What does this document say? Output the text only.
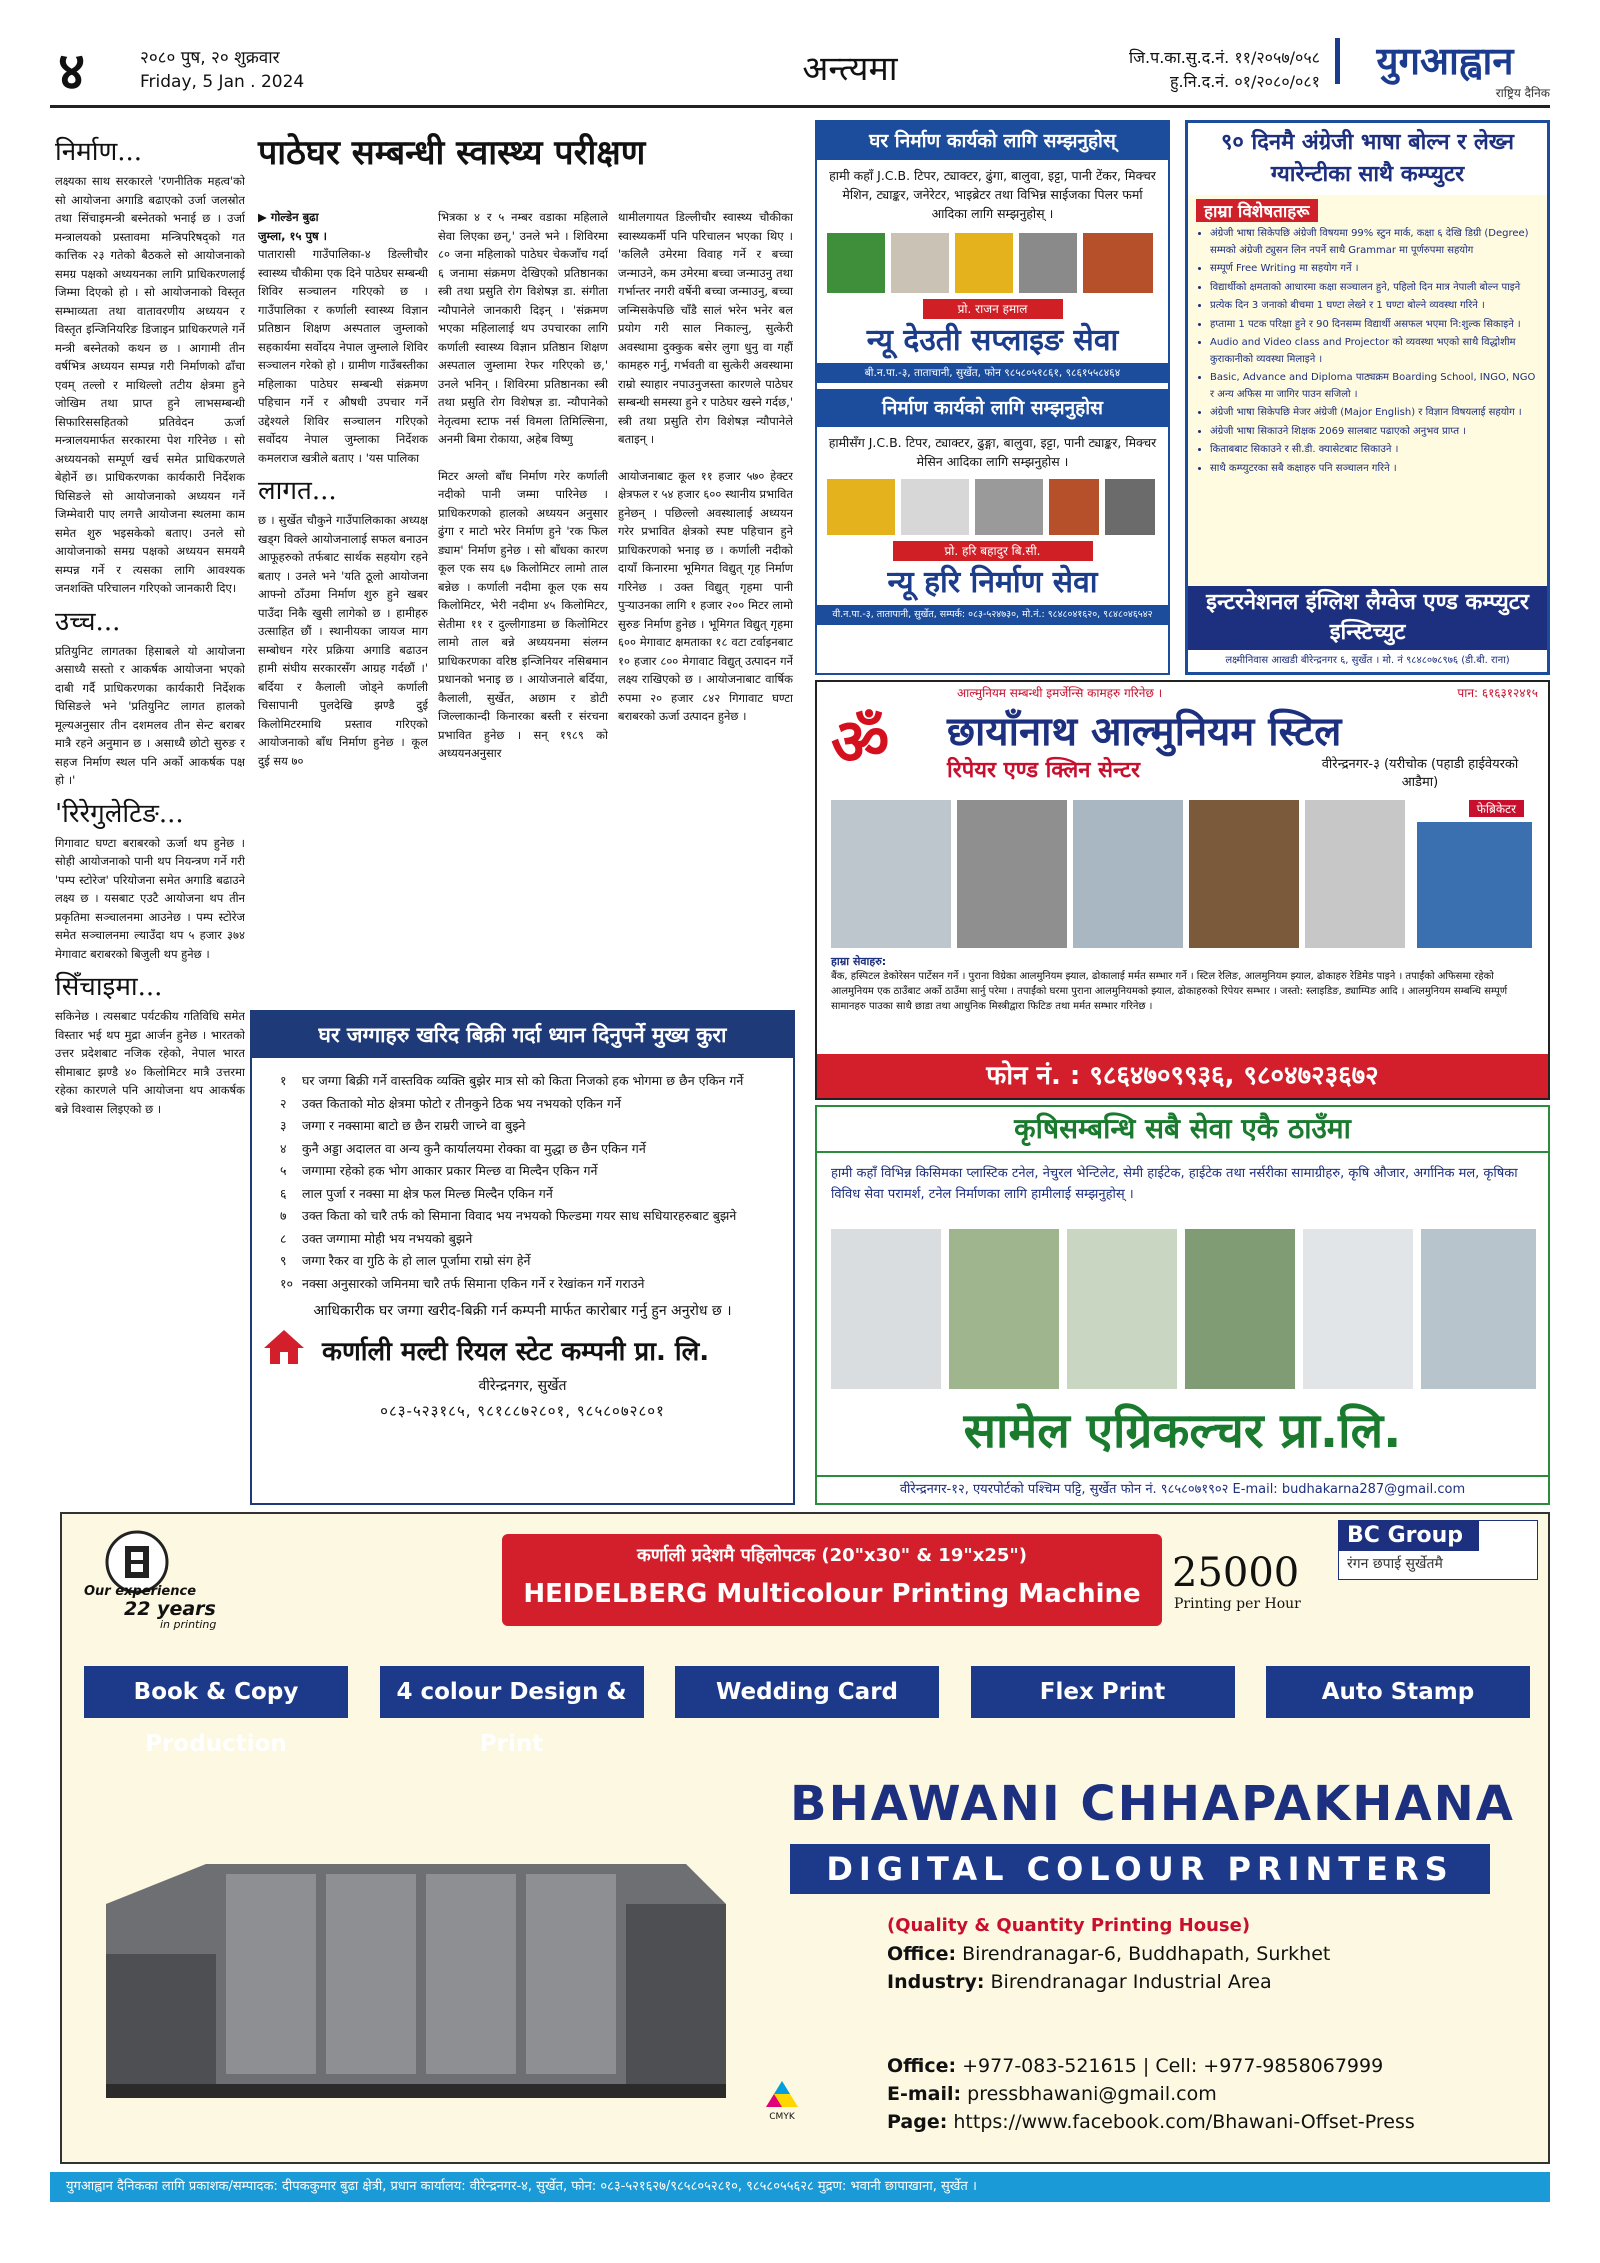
४	२०८० पुष, २० शुक्रवार
Friday, 5 Jan . 2024	अन्त्यमा	जि.प.का.सु.द.नं. ११/२०५७/०५८
हु.नि.द.नं. ०१/२०८०/०८१	युगआह्वान
राष्ट्रिय दैनिक
निर्माण...

लक्ष्यका साथ सरकारले 'रणनीतिक महत्व'को सो आयोजना अगाडि बढाएको उर्जा जलस्रोत तथा सिंचाइमन्त्री बस्नेतको भनाई छ । उर्जा मन्त्रालयको प्रस्तावमा मन्त्रिपरिषद्को गत कात्तिक २३ गतेको बैठकले सो आयोजनाको समग्र पक्षको अध्ययनका लागि प्राधिकरणलाई जिम्मा दिएको हो । सो आयोजनाको विस्तृत सम्भाव्यता तथा वातावरणीय अध्ययन र विस्तृत इन्जिनियरिङ डिजाइन प्राधिकरणले गर्ने मन्त्री बस्नेतको कथन छ । आगामी तीन वर्षभित्र अध्ययन सम्पन्न गरी निर्माणको ढाँचा एवम् तल्लो र माथिल्लो तटीय क्षेत्रमा हुने जोखिम तथा प्राप्त हुने लाभसम्बन्धी सिफारिससहितको प्रतिवेदन ऊर्जा मन्त्रालयमार्फत सरकारमा पेश गरिनेछ । सो अध्ययनको सम्पूर्ण खर्च समेत प्राधिकरणले बेहोर्ने छ। प्राधिकरणका कार्यकारी निर्देशक घिसिङले सो आयोजनाको अध्ययन गर्ने जिम्मेवारी पाए लगत्तै आयोजना स्थलमा काम समेत शुरु भइसकेको बताए। उनले सो आयोजनाको समग्र पक्षको अध्ययन समयमै सम्पन्न गर्ने र त्यसका लागि आवश्यक जनशक्ति परिचालन गरिएको जानकारी दिए।

उच्च...

प्रतियुनिट लागतका हिसाबले यो आयोजना असाध्यै सस्तो र आकर्षक आयोजना भएको दाबी गर्दै प्राधिकरणका कार्यकारी निर्देशक घिसिङले भने 'प्रतियुनिट लागत हालको मूल्यअनुसार तीन दशमलव तीन सेन्ट बराबर मात्रै रहने अनुमान छ । असाध्यै छोटो सुरुङ र सहज निर्माण स्थल पनि अर्को आकर्षक पक्ष हो ।'

'रिरेगुलेटिङ...

गिगावाट घण्टा बराबरको ऊर्जा थप हुनेछ । सोही आयोजनाको पानी थप नियन्त्रण गर्ने गरी 'पम्प स्टोरेज' परियोजना समेत अगाडि बढाउने लक्ष्य छ । यसबाट एउटै आयोजना थप तीन प्रकृतिमा सञ्चालनमा आउनेछ । पम्प स्टोरेज समेत सञ्चालनमा ल्याउँदा थप ५ हजार ३७४ मेगावाट बराबरको बिजुली थप हुनेछ ।

सिँचाइमा...

सकिनेछ । त्यसबाट पर्यटकीय गतिविधि समेत विस्तार भई थप मुद्रा आर्जन हुनेछ । भारतको उत्तर प्रदेशबाट नजिक रहेको, नेपाल भारत सीमाबाट झण्डै ४० किलोमिटर मात्रै उत्तरमा रहेका कारणले पनि आयोजना थप आकर्षक बन्ने विश्वास लिइएको छ ।

पाठेघर सम्बन्धी स्वास्थ्य परीक्षण
▶ गोल्डेन बुढा
जुम्ला, १५ पुष ।

पातारासी गाउँपालिका-४ डिल्लीचौर स्वास्थ्य चौकीमा एक दिने पाठेघर सम्बन्धी शिविर सञ्चालन गरिएको छ । गाउँपालिका र कर्णाली स्वास्थ्य विज्ञान प्रतिष्ठान शिक्षण अस्पताल जुम्लाको सहकार्यमा सर्वोदय नेपाल जुम्लाले शिविर सञ्चालन गरेको हो । ग्रामीण गाउँबस्तीका महिलाका पाठेघर सम्बन्धी संक्रमण पहिचान गर्ने र औषधी उपचार गर्ने उद्देश्यले शिविर सञ्चालन गरिएको सर्वोदय नेपाल जुम्लाका निर्देशक कमलराज खत्रीले बताए । 'यस पालिका

लागत...

छ । सुर्खेत चौकुने गाउँपालिकाका अध्यक्ष खड्ग विक्ले आयोजनालाई सफल बनाउन आफूहरुको तर्फबाट सार्थक सहयोग रहने बताए । उनले भने 'यति ठूलो आयोजना आफ्नो ठाँउमा निर्माण शुरु हुने खबर पाउँदा निकै खुसी लागेको छ । हामीहरु उत्साहित छौं । स्थानीयका जायज माग सम्बोधन गरेर प्रक्रिया अगाडि बढाउन हामी संघीय सरकारसँग आग्रह गर्दछौं ।' बर्दिया र कैलाली जोड्ने कर्णाली चिसापानी पुलदेखि झण्डै दुई किलोमिटरमाथि प्रस्ताव गरिएको आयोजनाको बाँध निर्माण हुनेछ । कूल दुई सय ७०

भित्रका ४ र ५ नम्बर वडाका महिलाले सेवा लिएका छन्,' उनले भने । शिविरमा ८० जना महिलाको पाठेघर चेकजाँच गर्दा ६ जनामा संक्रमण देखिएको प्रतिष्ठानका स्त्री तथा प्रसुति रोग विशेषज्ञ डा. संगीता न्यौपानेले जानकारी दिइन् । 'संक्रमण भएका महिलालाई थप उपचारका लागि कर्णाली स्वास्थ्य विज्ञान प्रतिष्ठान शिक्षण अस्पताल जुम्लामा रेफर गरिएको छ,' उनले भनिन् । शिविरमा प्रतिष्ठानका स्त्री तथा प्रसुति रोग विशेषज्ञ डा. न्यौपानेको नेतृत्वमा स्टाफ नर्स विमला तिमिल्सिना, अनमी बिमा रोकाया, अहेब विष्णु

मिटर अग्लो बाँध निर्माण गरेर कर्णाली नदीको पानी जम्मा पारिनेछ । प्राधिकरणको हालको अध्ययन अनुसार ढुंगा र माटो भरेर निर्माण हुने 'रक फिल ड्याम' निर्माण हुनेछ । सो बाँधका कारण कूल एक सय ६७ किलोमिटर लामो ताल बन्नेछ । कर्णाली नदीमा कूल एक सय किलोमिटर, भेरी नदीमा ४५ किलोमिटर, सेतीमा ११ र दुल्लीगाडमा छ किलोमिटर लामो ताल बन्ने अध्ययनमा संलग्न प्राधिकरणका वरिष्ठ इन्जिनियर नसिबमान प्रधानको भनाइ छ । आयोजनाले बर्दिया, कैलाली, सुर्खेत, अछाम र डोटी जिल्लाकान्दी किनारका बस्ती र संरचना प्रभावित हुनेछ । सन् १९८९ को अध्ययनअनुसार

थामीलगायत डिल्लीचौर स्वास्थ्य चौकीका स्वास्थ्यकर्मी पनि परिचालन भएका थिए । 'कलिलै उमेरमा विवाह गर्ने र बच्चा जन्माउने, कम उमेरमा बच्चा जन्माउनु तथा गर्भान्तर नगरी वर्षेनी बच्चा जन्माउनु, बच्चा जन्मिसकेपछि चाँडै सालं भरेन भनेर बल प्रयोग गरी साल निकाल्नु, सुत्केरी अवस्थामा दुक्कुक बसेर लुगा धुनु वा गहौं कामहरु गर्नु, गर्भवती वा सुत्केरी अवस्थामा राम्रो स्याहार नपाउनुजस्ता कारणले पाठेघर सम्बन्धी समस्या हुने र पाठेघर खस्ने गर्दछ,' स्त्री तथा प्रसुति रोग विशेषज्ञ न्यौपानेले बताइन् ।

आयोजनाबाट कूल ११ हजार ५७० हेक्टर क्षेत्रफल र ५४ हजार ६०० स्थानीय प्रभावित हुनेछन् । पछिल्लो अवस्थालाई अध्ययन गरेर प्रभावित क्षेत्रको स्पष्ट पहिचान हुने प्राधिकरणको भनाइ छ । कर्णाली नदीको दायाँ किनारमा भूमिगत विद्युत् गृह निर्माण गरिनेछ । उक्त विद्युत् गृहमा पानी पुऱ्याउनका लागि १ हजार २०० मिटर लामो सुरुङ निर्माण हुनेछ । भूमिगत विद्युत् गृहमा ६०० मेगावाट क्षमताका १८ वटा टर्वाइनबाट १० हजार ८०० मेगावाट विद्युत् उत्पादन गर्ने लक्ष्य राखिएको छ । आयोजनाबाट वार्षिक रुपमा २० हजार ८४२ गिगावाट घण्टा बराबरको ऊर्जा उत्पादन हुनेछ ।

घर जग्गाहरु खरिद बिक्री गर्दा ध्यान दिनुपर्ने मुख्य कुरा
१ घर जग्गा बिक्री गर्ने वास्तविक व्यक्ति बुझेर मात्र सो को किता निजको हक भोगमा छ छैन एकिन गर्ने
२ उक्त किताको मोठ क्षेत्रमा फोटो र तीनकुने ठिक भय नभयको एकिन गर्ने
३ जग्गा र नक्सामा बाटो छ छैन राम्ररी जाच्ने वा बुझ्ने
४ कुनै अड्डा अदालत वा अन्य कुनै कार्यालयमा रोक्का वा मुद्धा छ छैन एकिन गर्ने
५ जग्गामा रहेको हक भोग आकार प्रकार मिल्छ वा मिल्दैन एकिन गर्ने
६ लाल पुर्जा र नक्सा मा क्षेत्र फल मिल्छ मिल्दैन एकिन गर्ने
७ उक्त किता को चारै तर्फ को सिमाना विवाद भय नभयको फिल्डमा गयर साध सधियारहरुबाट बुझने
८ उक्त जग्गामा मोही भय नभयको बुझने
९ जग्गा रैकर वा गुठि के हो लाल पूर्जामा राम्रो संग हेर्ने
१० नक्सा अनुसारको जमिनमा चारै तर्फ सिमाना एकिन गर्ने र रेखांकन गर्ने गराउने
आधिकारीक घर जग्गा खरीद-बिक्री गर्न कम्पनी मार्फत कारोबार गर्नु हुन अनुरोध छ ।
कर्णाली मल्टी रियल स्टेट कम्पनी प्रा. लि.
वीरेन्द्रनगर, सुर्खेत
०८३-५२३१८५, ९८१८८७२८०१, ९८५८०७२८०१
घर निर्माण कार्यको लागि सम्झनुहोस्
हामी कहाँ J.C.B. टिपर, ट्याक्टर, ढुंगा, बालुवा, इट्टा, पानी टेंकर, मिक्चर मेशिन, ट्याङ्कर, जनेरेटर, भाइब्रेटर तथा विभिन्न साईजका पिलर फर्मा आदिका लागि सम्झनुहोस् ।
प्रो. राजन हमाल
न्यू देउती सप्लाइङ सेवा
बी.न.पा.-३, ताताचानी, सुर्खेत, फोन ९८५८०५१८६१, ९८६१५५८४६४
निर्माण कार्यको लागि सम्झनुहोस
हामीसँग J.C.B. टिपर, ट्याक्टर, ढुङ्गा, बालुवा, इट्टा, पानी ट्याङ्कर, मिक्चर मेसिन आदिका लागि सम्झनुहोस ।
प्रो. हरि बहादुर बि.सी.
न्यू हरि निर्माण सेवा
वी.न.पा.-३, तातापानी, सुर्खेत, सम्पर्क: ०८३-५२४७३०, मो.नं.: ९८४८०४१६२०, ९८४८०४६५४२
९० दिनमै अंग्रेजी भाषा बोल्न र लेख्न ग्यारेन्टीका साथै कम्प्युटर
हाम्रा विशेषताहरू
• अंग्रेजी भाषा सिकेपछि अंग्रेजी विषयमा 99% स्टुन मार्क, कक्षा ६ देखि डिग्री (Degree) सम्मको अंग्रेजी ट्युसन लिन नपर्ने साथै Grammar मा पूर्णरुपमा सहयोग
• सम्पूर्ण Free Writing मा सहयोग गर्ने ।
• विद्यार्थीको क्षमताको आधारमा कक्षा सञ्चालन हुने, पहिलो दिन मात्र नेपाली बोल्न पाइने
• प्रत्येक दिन 3 जनाको बीचमा 1 घण्टा लेख्ने र 1 घण्टा बोल्ने व्यवस्था गरिने ।
• हप्तामा 1 पटक परिक्षा हुने र 90 दिनसम्म विद्यार्थी असफल भएमा नि:शुल्क सिकाइने ।
• Audio and Video class and Projector को व्यवस्था भएको साथै विद्धोशीम कुराकानीको व्यवस्था मिलाइने ।
• Basic, Advance and Diploma पाठ्यक्रम Boarding School, INGO, NGO र अन्य अफिस मा जागिर पाउन सजिलो ।
• अंग्रेजी भाषा सिकेपछि मेजर अंग्रेजी (Major English) र विज्ञान विषयलाई सहयोग ।
• अंग्रेजी भाषा सिकाउने शिक्षक 2069 सालबाट पढाएको अनुभव प्राप्त ।
• किताबबाट सिकाउने र सी.डी. क्यासेटबाट सिकाउने ।
• साथै कम्प्युटरका सबै कक्षाहरु पनि सञ्चालन गरिने ।
इन्टरनेशनल इंग्लिश लैग्वेज एण्ड कम्प्युटर इन्स्टिच्युट
लक्ष्मीनिवास आखडी बीरेन्द्रनगर ६, सुर्खेत । मो. नं ९८४८०७८९७६ (डी.बी. राना)
आल्मुनियम सम्बन्धी इमर्जेन्सि कामहरु गरिनेछ ।	पान: ६१६३१२४१५
ॐ छायाँनाथ आल्मुनियम स्टिल
रिपेयर एण्ड क्लिन सेन्टर	वीरेन्द्रनगर-३ (यरीचोक (पहाडी हाईवेयरको आडैमा)
फेब्रिकेटर
हाम्रा सेवाहरु:
बैंक, हस्पिटल डेकोरेसन पार्टेसन गर्ने । पुराना विग्रेका आलमुनियम झ्याल, ढोकालाई मर्मत सम्भार गर्ने । स्टिल रेलिङ, आलमुनियम झ्याल, ढोकाहरु रेडिमेड पाइने । तपाईंको अफिसमा रहेको आलमुनियम एक ठाउँबाट अर्को ठाउँमा सार्नु परेमा । तपाईंको घरमा पुराना आलमुनियमको झ्याल, ढोकाहरुको रिपेयर सम्भार । जस्तो: स्लाइडिङ, ड्याम्पिङ आदि । आलमुनियम सम्बन्धि सम्पूर्ण सामानहरु पाउका साथै छाडा तथा आधुनिक मिस्त्रीद्वारा फिटिङ तथा मर्मत सम्भार गरिनेछ ।
फोन नं. : ९८६४७०९९३६, ९८०४७२३६७२
कृषिसम्बन्धि सबै सेवा एकै ठाउँमा
हामी कहाँ विभिन्न किसिमका प्लास्टिक टनेल, नेचुरल भेन्टिलेट, सेमी हाईटेक, हाईटेक तथा नर्सरीका सामाग्रीहरु, कृषि औजार, अर्गानिक मल, कृषिका विविध सेवा परामर्श, टनेल निर्माणका लागि हामीलाई सम्झनुहोस् ।
सामेल एग्रिकल्चर प्रा.लि.
वीरेन्द्रनगर-१२, एयरपोर्टको पश्चिम पट्टि, सुर्खेत फोन नं. ९८५८०७१९०२ E-mail: budhakarna287@gmail.com
Our experience
22 years
in printing
कर्णाली प्रदेशमै पहिलोपटक (20"x30" & 19"x25")
HEIDELBERG Multicolour Printing Machine 25000
Printing per Hour
BC Group
रंगन छपाई सुर्खेतमै
Book & Copy Production
4 colour Design & Print
Wedding Card	Flex Print	Auto Stamp
BHAWANI CHHAPAKHANA
DIGITAL COLOUR PRINTERS
(Quality & Quantity Printing House)
Office: Birendranagar-6, Buddhapath, Surkhet
Industry: Birendranagar Industrial Area
Office: +977-083-521615 | Cell: +977-9858067999
E-mail: pressbhawani@gmail.com
Page: https://www.facebook.com/Bhawani-Offset-Press
CMYK
युगआह्वान दैनिकका लागि प्रकाशक/सम्पादक: दीपककुमार बुढा क्षेत्री, प्रधान कार्यालय: वीरेन्द्रनगर-४, सुर्खेत, फोन: ०८३-५२१६२७/९८५८०५२८१०, ९८५८०५५६२८ मुद्रण: भवानी छापाखाना, सुर्खेत ।
